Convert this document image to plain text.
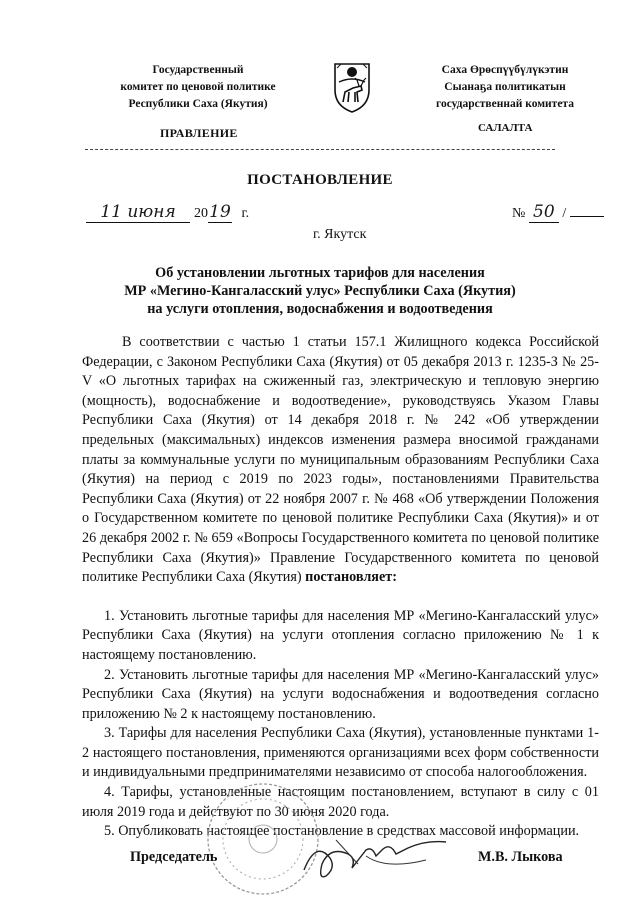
Государственный
комитет по ценовой политике
Республики Саха (Якутия)
Саха Өрөспүүбүлүкэтин
Сыанаҕа политикатын
государственнай комитета
ПРАВЛЕНИЕ	САЛАЛТА
ПОСТАНОВЛЕНИЕ
11 июня 2019 г.	№ 50 /
г. Якутск
Об установлении льготных тарифов для населения
МР «Мегино-Кангаласский улус» Республики Саха (Якутия)
на услуги отопления, водоснабжения и водоотведения

В соответствии с частью 1 статьи 157.1 Жилищного кодекса Российской Федерации, с Законом Республики Саха (Якутия) от 05 декабря 2013 г. 1235-З № 25-V «О льготных тарифах на сжиженный газ, электрическую и тепловую энергию (мощность), водоснабжение и водоотведение», руководствуясь Указом Главы Республики Саха (Якутия) от 14 декабря 2018 г. № 242 «Об утверждении предельных (максимальных) индексов изменения размера вносимой гражданами платы за коммунальные услуги по муниципальным образованиям Республики Саха (Якутия) на период с 2019 по 2023 годы», постановлениями Правительства Республики Саха (Якутия) от 22 ноября 2007 г. № 468 «Об утверждении Положения о Государственном комитете по ценовой политике Республики Саха (Якутия)» и от 26 декабря 2002 г. № 659 «Вопросы Государственного комитета по ценовой политике Республики Саха (Якутия)» Правление Государственного комитета по ценовой политике Республики Саха (Якутия) постановляет:

1. Установить льготные тарифы для населения МР «Мегино-Кангаласский улус» Республики Саха (Якутия) на услуги отопления согласно приложению № 1 к настоящему постановлению.

2. Установить льготные тарифы для населения МР «Мегино-Кангаласский улус» Республики Саха (Якутия) на услуги водоснабжения и водоотведения согласно приложению № 2 к настоящему постановлению.

3. Тарифы для населения Республики Саха (Якутия), установленные пунктами 1-2 настоящего постановления, применяются организациями всех форм собственности и индивидуальными предпринимателями независимо от способа налогообложения.

4. Тарифы, установленные настоящим постановлением, вступают в силу с 01 июля 2019 года и действуют по 30 июня 2020 года.

5. Опубликовать настоящее постановление в средствах массовой информации.

Председатель	М.В. Лыкова
